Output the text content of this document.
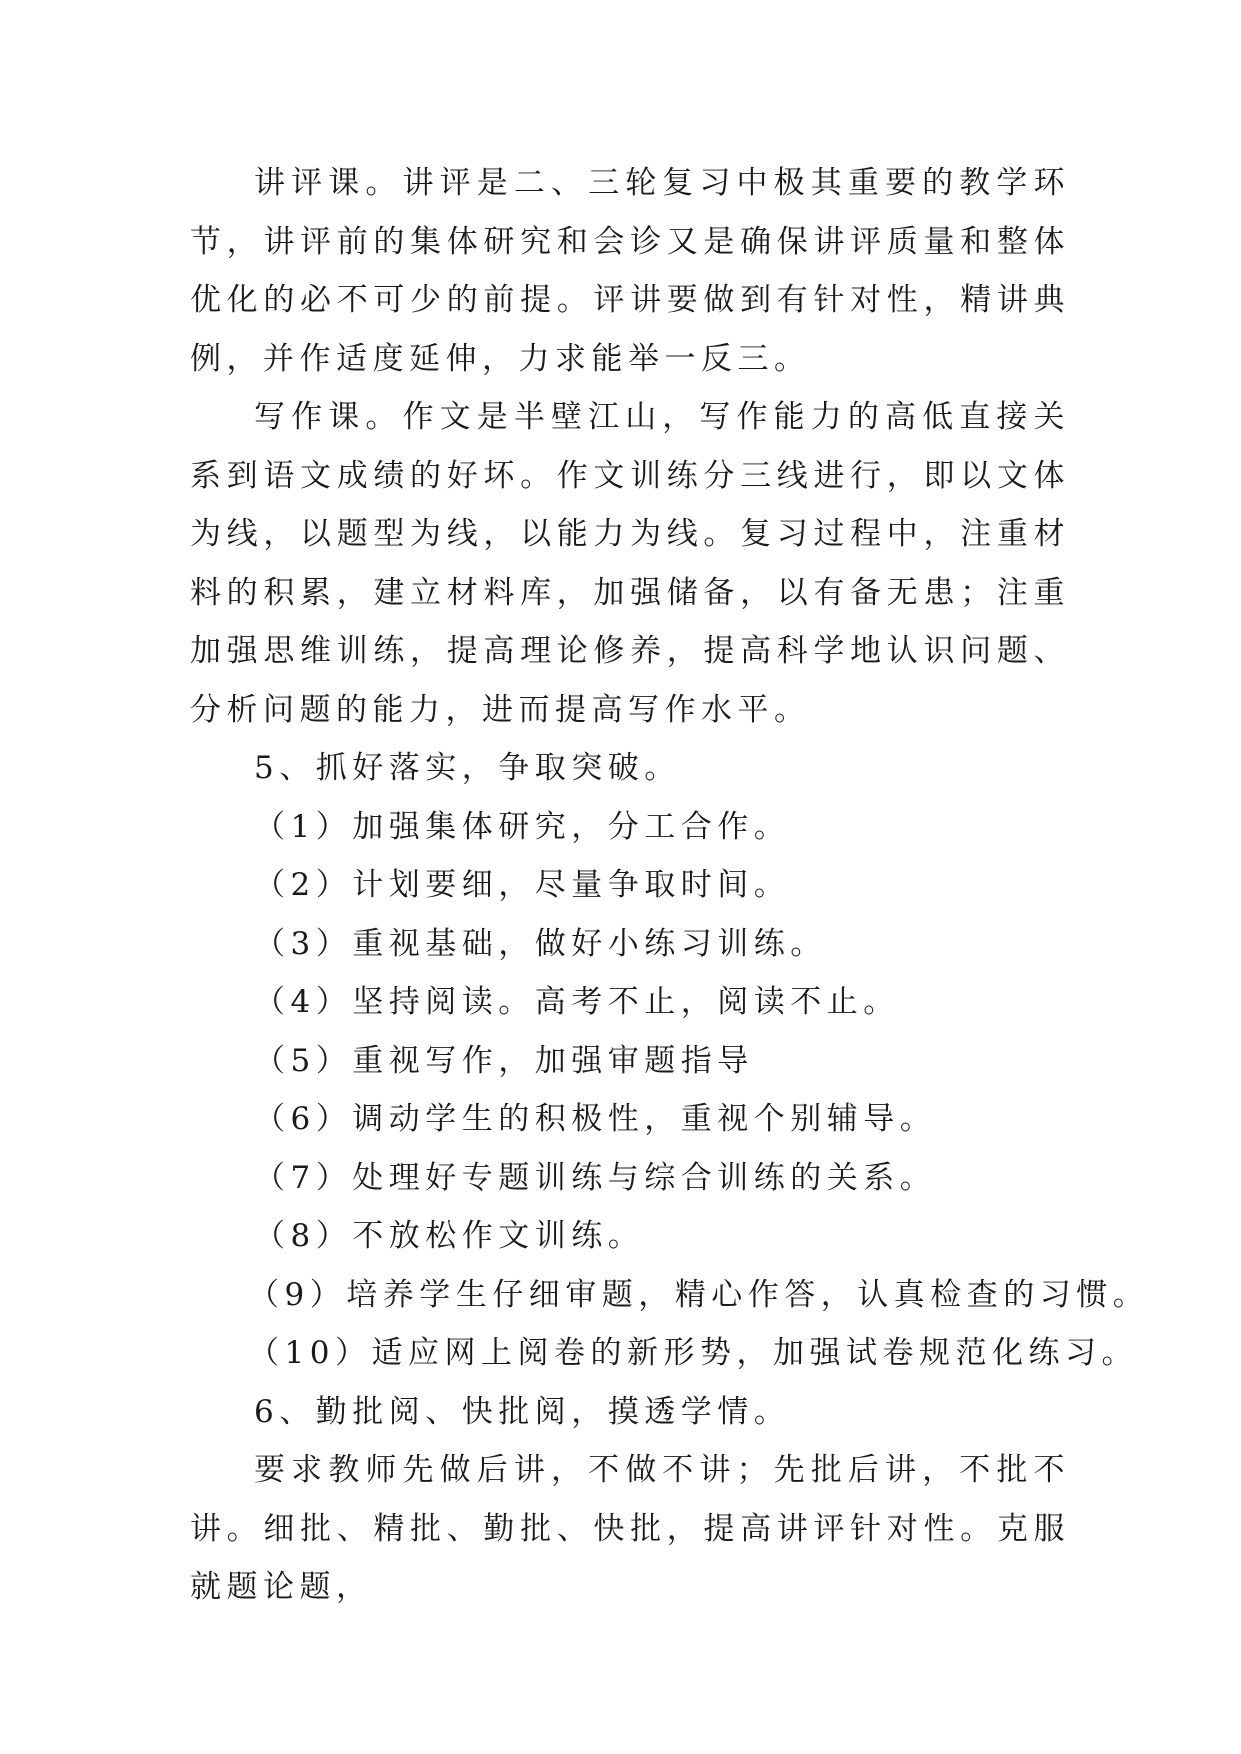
讲评课。讲评是二、三轮复习中极其重要的教学环节，讲评前的集体研究和会诊又是确保讲评质量和整体优化的必不可少的前提。评讲要做到有针对性，精讲典例，并作适度延伸，力求能举一反三。

写作课。作文是半壁江山，写作能力的高低直接关系到语文成绩的好坏。作文训练分三线进行，即以文体为线，以题型为线，以能力为线。复习过程中，注重材料的积累，建立材料库，加强储备，以有备无患；注重加强思维训练，提高理论修养，提高科学地认识问题、分析问题的能力，进而提高写作水平。

5、抓好落实，争取突破。

（1）加强集体研究，分工合作。

（2）计划要细，尽量争取时间。

（3）重视基础，做好小练习训练。

（4）坚持阅读。高考不止，阅读不止。

（5）重视写作，加强审题指导

（6）调动学生的积极性，重视个别辅导。

（7）处理好专题训练与综合训练的关系。

（8）不放松作文训练。

（9）培养学生仔细审题，精心作答，认真检查的习惯。

（10）适应网上阅卷的新形势，加强试卷规范化练习。

6、勤批阅、快批阅，摸透学情。

要求教师先做后讲，不做不讲；先批后讲，不批不讲。细批、精批、勤批、快批，提高讲评针对性。克服就题论题，
